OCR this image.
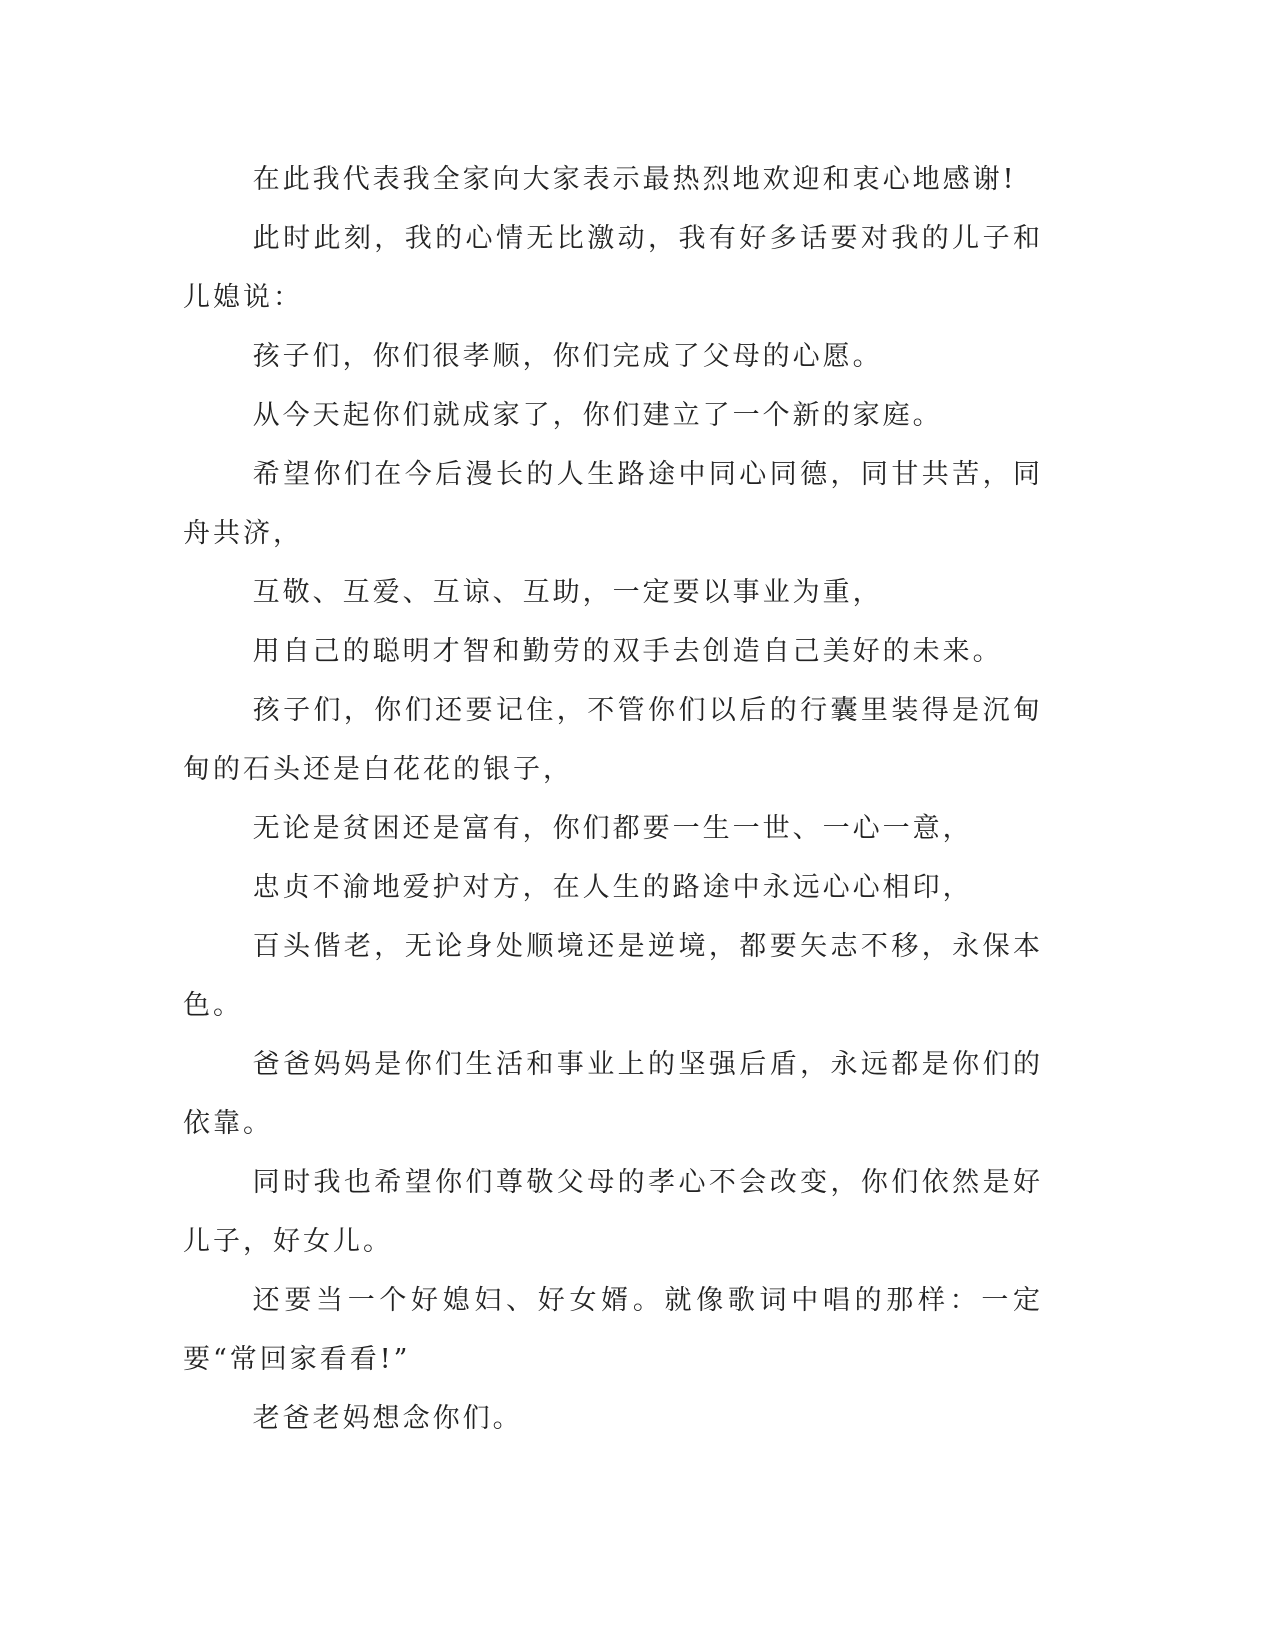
在此我代表我全家向大家表示最热烈地欢迎和衷心地感谢!

此时此刻，我的心情无比激动，我有好多话要对我的儿子和儿媳说：

孩子们，你们很孝顺，你们完成了父母的心愿。

从今天起你们就成家了，你们建立了一个新的家庭。

希望你们在今后漫长的人生路途中同心同德，同甘共苦，同舟共济，

互敬、互爱、互谅、互助，一定要以事业为重，

用自己的聪明才智和勤劳的双手去创造自己美好的未来。

孩子们，你们还要记住，不管你们以后的行囊里装得是沉甸甸的石头还是白花花的银子，

无论是贫困还是富有，你们都要一生一世、一心一意，

忠贞不渝地爱护对方，在人生的路途中永远心心相印，

百头偕老，无论身处顺境还是逆境，都要矢志不移，永保本色。

爸爸妈妈是你们生活和事业上的坚强后盾，永远都是你们的依靠。

同时我也希望你们尊敬父母的孝心不会改变，你们依然是好儿子，好女儿。

还要当一个好媳妇、好女婿。就像歌词中唱的那样：一定要“常回家看看!”

老爸老妈想念你们。
